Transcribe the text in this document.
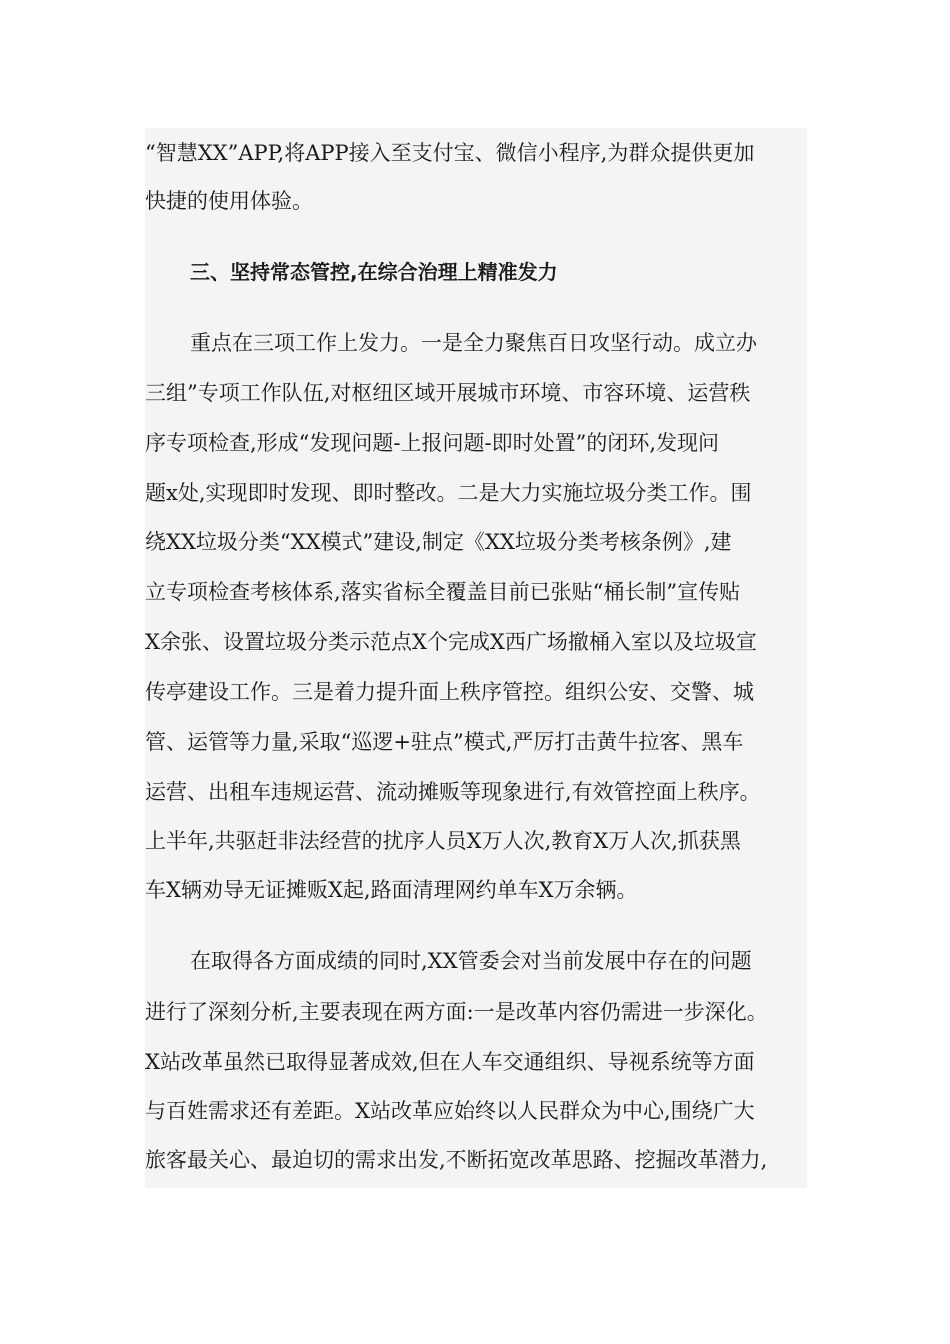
“智慧XX”APP,将APP接入至支付宝、微信小程序,为群众提供更加
快捷的使用体验。
三、坚持常态管控,在综合治理上精准发力
重点在三项工作上发力。一是全力聚焦百日攻坚行动。成立办
三组”专项工作队伍,对枢纽区域开展城市环境、市容环境、运营秩
序专项检查,形成“发现问题-上报问题-即时处置”的闭环,发现问
题x处,实现即时发现、即时整改。二是大力实施垃圾分类工作。围
绕XX垃圾分类“XX模式”建设,制定《XX垃圾分类考核条例》,建
立专项检查考核体系,落实省标全覆盖目前已张贴“桶长制”宣传贴
X余张、设置垃圾分类示范点X个完成X西广场撤桶入室以及垃圾宣
传亭建设工作。三是着力提升面上秩序管控。组织公安、交警、城
管、运管等力量,采取“巡逻+驻点”模式,严厉打击黄牛拉客、黑车
运营、出租车违规运营、流动摊贩等现象进行,有效管控面上秩序。
上半年,共驱赶非法经营的扰序人员X万人次,教育X万人次,抓获黑
车X辆劝导无证摊贩X起,路面清理网约单车X万余辆。
在取得各方面成绩的同时,XX管委会对当前发展中存在的问题
进行了深刻分析,主要表现在两方面:一是改革内容仍需进一步深化。
X站改革虽然已取得显著成效,但在人车交通组织、导视系统等方面
与百姓需求还有差距。X站改革应始终以人民群众为中心,围绕广大
旅客最关心、最迫切的需求出发,不断拓宽改革思路、挖掘改革潜力,
